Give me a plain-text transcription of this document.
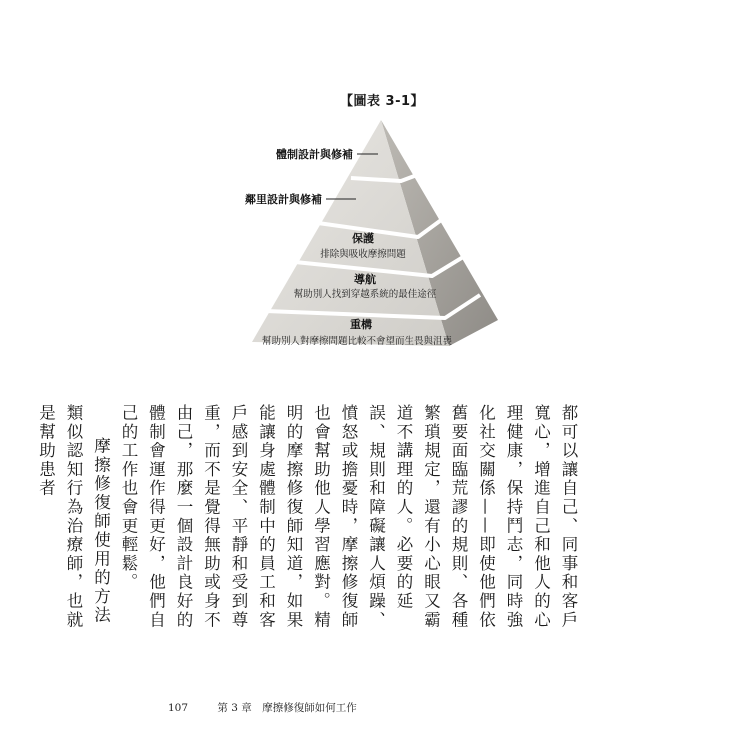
【圖表 3-1】
體制設計與修補
鄰里設計與修補
保護
排除與吸收摩擦問題
導航
幫助別人找到穿越系統的最佳途徑
重構
幫助別人對摩擦問題比較不會望而生畏與沮喪

都可以讓自己、同事和客戶寬心，增進自己和他人的心理健康，保持鬥志，同時強化社交關係——即使他們依舊要面臨荒謬的規則、各種繁瑣規定，還有小心眼又霸道不講理的人。必要的延誤、規則和障礙讓人煩躁、憤怒或擔憂時，摩擦修復師也會幫助他人學習應對。精明的摩擦修復師知道，如果能讓身處體制中的員工和客戶感到安全、平靜和受到尊重，而不是覺得無助或身不由己，那麼一個設計良好的體制會運作得更好，他們自己的工作也會更輕鬆。

摩擦修復師使用的方法類似認知行為治療師，也就是幫助患者

107	第 3 章　摩擦修復師如何工作
